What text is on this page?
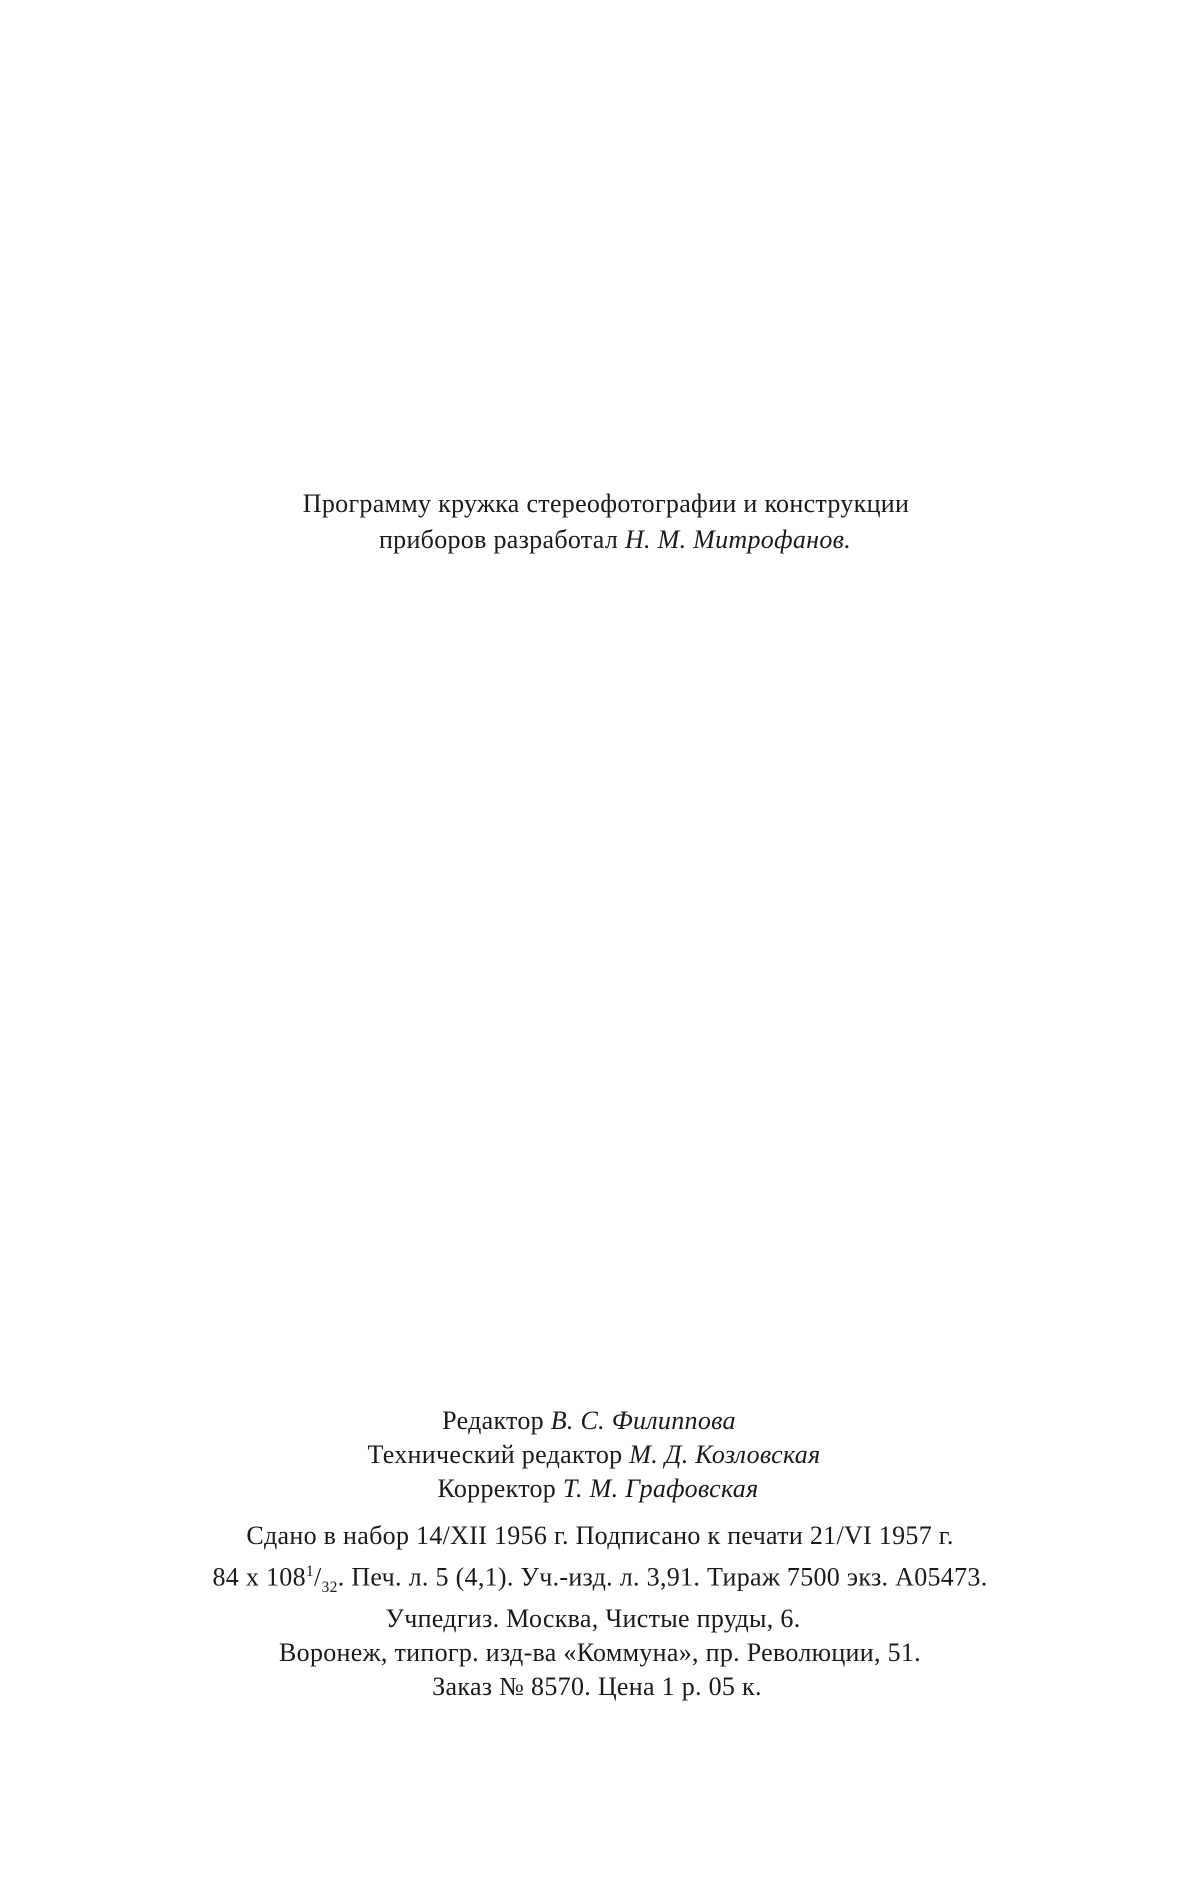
Программу кружка стереофотографии и конструкции
приборов разработал Н. М. Митрофанов.
Редактор В. С. Филиппова
Технический редактор М. Д. Козловская
Корректор Т. М. Графовская
Сдано в набор 14/XII 1956 г. Подписано к печати 21/VI 1957 г.
84 х $108^1/_{32}$. Печ. л. 5 (4,1). Уч.-изд. л. 3,91. Тираж 7500 экз. А05473.
Учпедгиз. Москва, Чистые пруды, 6.
Воронеж, типогр. изд-ва «Коммуна», пр. Революции, 51.
Заказ № 8570. Цена 1 р. 05 к.
